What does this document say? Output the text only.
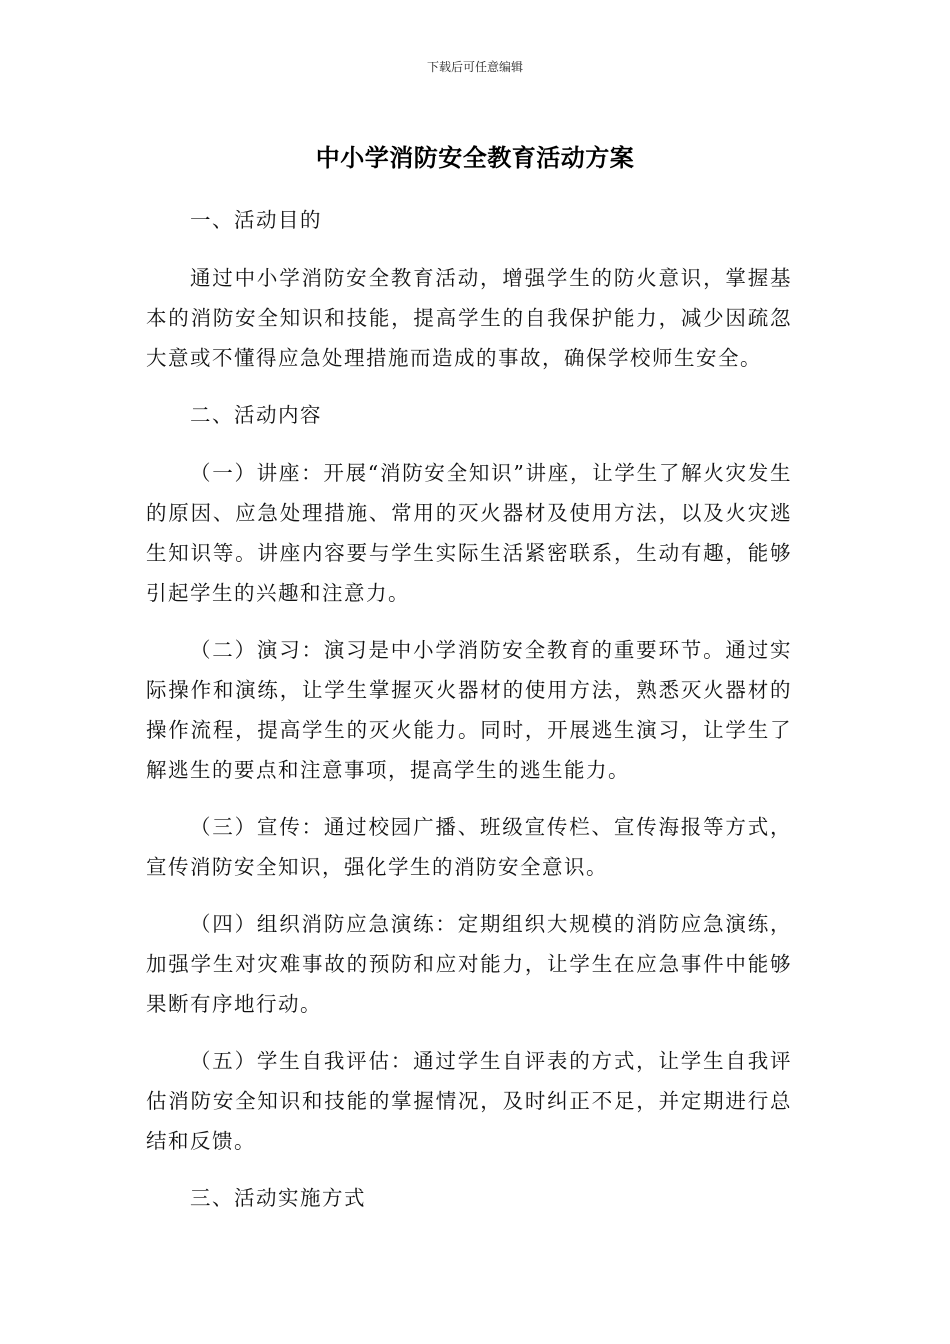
下载后可任意编辑
中小学消防安全教育活动方案

一、活动目的

通过中小学消防安全教育活动，增强学生的防火意识，掌握基本的消防安全知识和技能，提高学生的自我保护能力，减少因疏忽大意或不懂得应急处理措施而造成的事故，确保学校师生安全。

二、活动内容

（一）讲座：开展“消防安全知识”讲座，让学生了解火灾发生的原因、应急处理措施、常用的灭火器材及使用方法，以及火灾逃生知识等。讲座内容要与学生实际生活紧密联系，生动有趣，能够引起学生的兴趣和注意力。

（二）演习：演习是中小学消防安全教育的重要环节。通过实际操作和演练，让学生掌握灭火器材的使用方法，熟悉灭火器材的操作流程，提高学生的灭火能力。同时，开展逃生演习，让学生了解逃生的要点和注意事项，提高学生的逃生能力。

（三）宣传：通过校园广播、班级宣传栏、宣传海报等方式，宣传消防安全知识，强化学生的消防安全意识。

（四）组织消防应急演练：定期组织大规模的消防应急演练，加强学生对灾难事故的预防和应对能力，让学生在应急事件中能够果断有序地行动。

（五）学生自我评估：通过学生自评表的方式，让学生自我评估消防安全知识和技能的掌握情况，及时纠正不足，并定期进行总结和反馈。

三、活动实施方式
